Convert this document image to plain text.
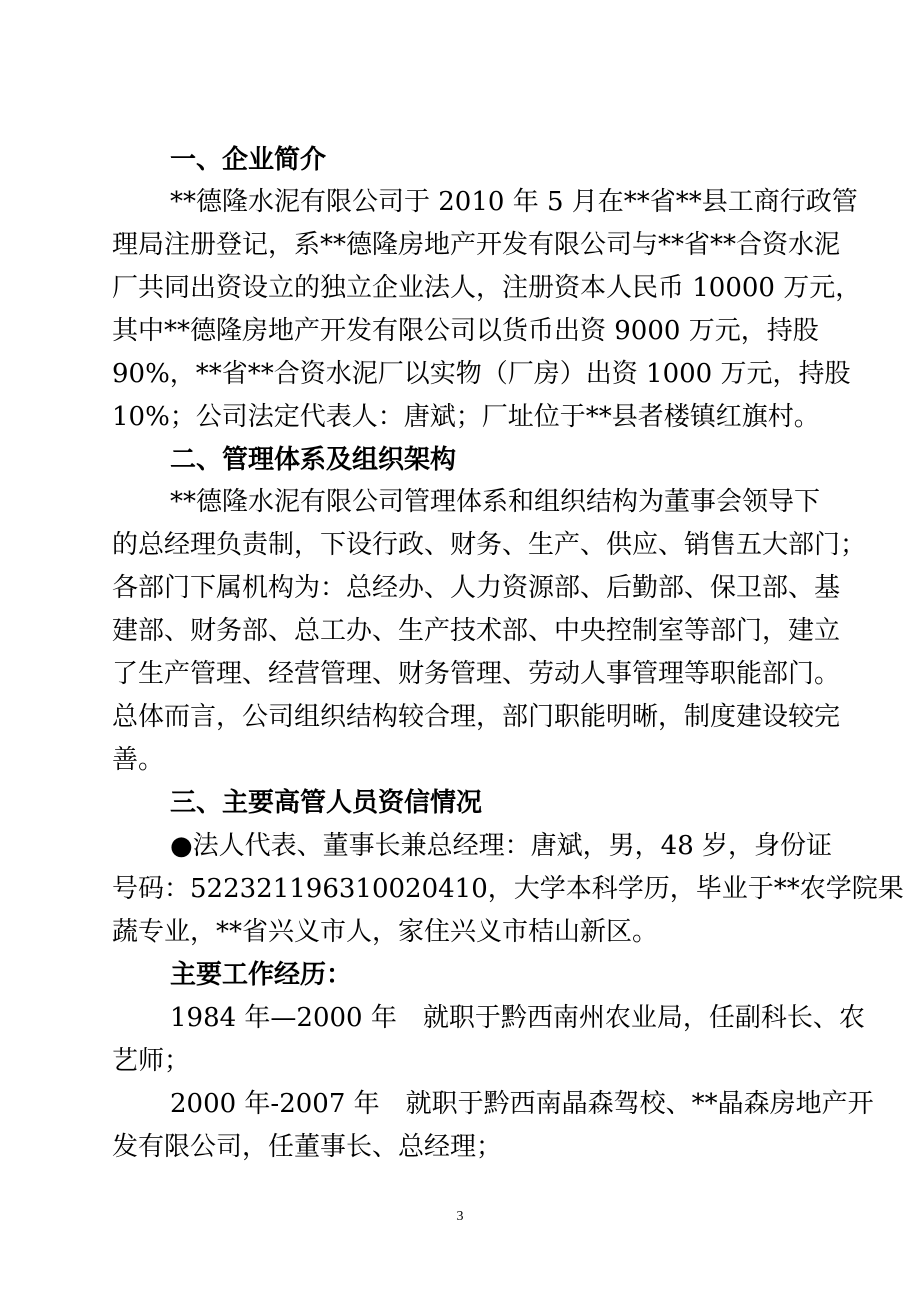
一、企业简介
**德隆水泥有限公司于 2010 年 5 月在**省**县工商行政管
理局注册登记，系**德隆房地产开发有限公司与**省**合资水泥
厂共同出资设立的独立企业法人，注册资本人民币 10000 万元，
其中**德隆房地产开发有限公司以货币出资 9000 万元，持股
90%，**省**合资水泥厂以实物（厂房）出资 1000 万元，持股
10%；公司法定代表人：唐斌；厂址位于**县者楼镇红旗村。
二、管理体系及组织架构
**德隆水泥有限公司管理体系和组织结构为董事会领导下
的总经理负责制，下设行政、财务、生产、供应、销售五大部门；
各部门下属机构为：总经办、人力资源部、后勤部、保卫部、基
建部、财务部、总工办、生产技术部、中央控制室等部门，建立
了生产管理、经营管理、财务管理、劳动人事管理等职能部门。
总体而言，公司组织结构较合理，部门职能明晰，制度建设较完
善。
三、主要高管人员资信情况
●法人代表、董事长兼总经理：唐斌，男，48 岁，身份证
号码：522321196310020410，大学本科学历，毕业于**农学院果
蔬专业，**省兴义市人，家住兴义市桔山新区。
主要工作经历：
1984 年—2000 年　就职于黔西南州农业局，任副科长、农
艺师；
2000 年-2007 年　就职于黔西南晶森驾校、**晶森房地产开
发有限公司，任董事长、总经理；
3
